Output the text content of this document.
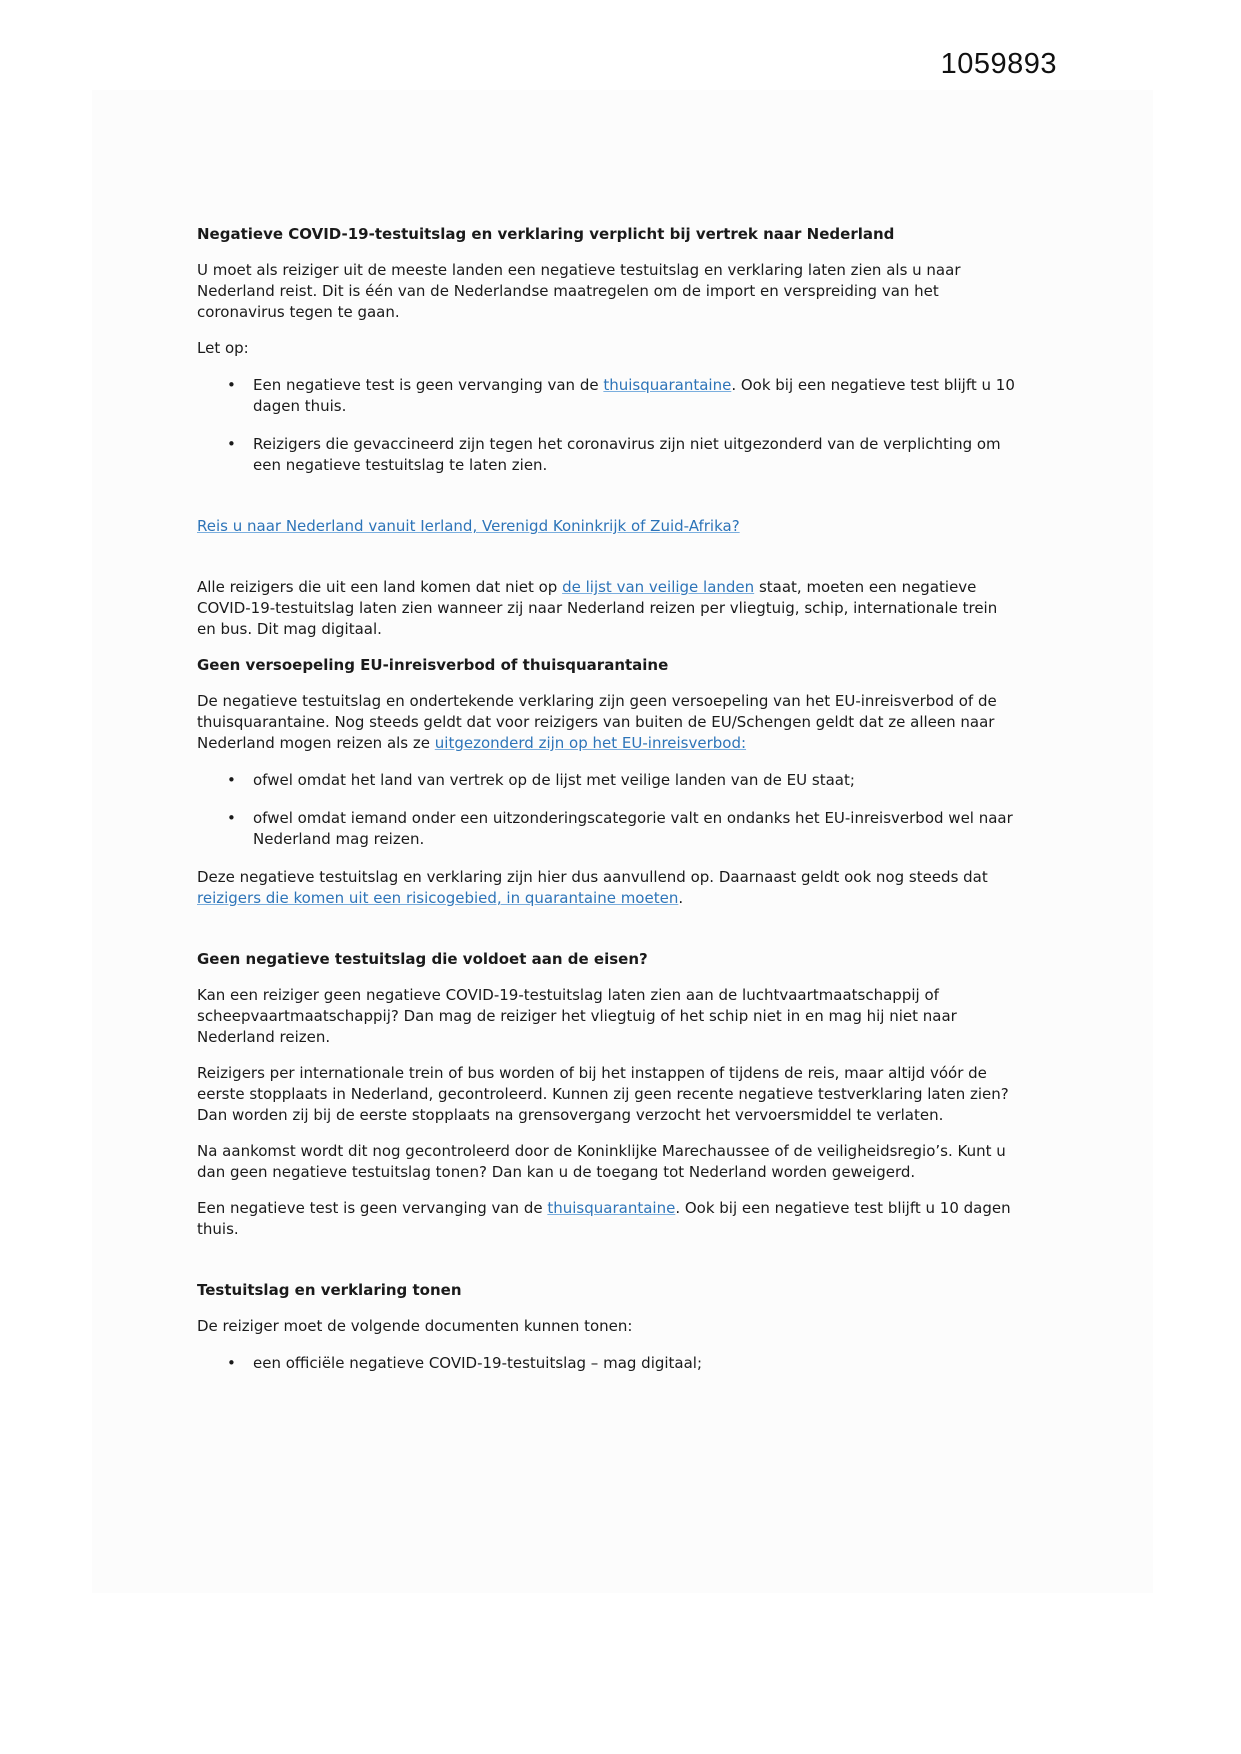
1059893
Negatieve COVID-19-testuitslag en verklaring verplicht bij vertrek naar Nederland

U moet als reiziger uit de meeste landen een negatieve testuitslag en verklaring laten zien als u naar Nederland reist. Dit is één van de Nederlandse maatregelen om de import en verspreiding van het coronavirus tegen te gaan.

Let op:

• Een negatieve test is geen vervanging van de thuisquarantaine. Ook bij een negatieve test blijft u 10 dagen thuis.
• Reizigers die gevaccineerd zijn tegen het coronavirus zijn niet uitgezonderd van de verplichting om een negatieve testuitslag te laten zien.

Reis u naar Nederland vanuit Ierland, Verenigd Koninkrijk of Zuid-Afrika?

Alle reizigers die uit een land komen dat niet op de lijst van veilige landen staat, moeten een negatieve COVID-19-testuitslag laten zien wanneer zij naar Nederland reizen per vliegtuig, schip, internationale trein en bus. Dit mag digitaal.

Geen versoepeling EU-inreisverbod of thuisquarantaine

De negatieve testuitslag en ondertekende verklaring zijn geen versoepeling van het EU-inreisverbod of de thuisquarantaine. Nog steeds geldt dat voor reizigers van buiten de EU/Schengen geldt dat ze alleen naar Nederland mogen reizen als ze uitgezonderd zijn op het EU-inreisverbod:

• ofwel omdat het land van vertrek op de lijst met veilige landen van de EU staat;
• ofwel omdat iemand onder een uitzonderingscategorie valt en ondanks het EU-inreisverbod wel naar Nederland mag reizen.

Deze negatieve testuitslag en verklaring zijn hier dus aanvullend op. Daarnaast geldt ook nog steeds dat reizigers die komen uit een risicogebied, in quarantaine moeten.

Geen negatieve testuitslag die voldoet aan de eisen?

Kan een reiziger geen negatieve COVID-19-testuitslag laten zien aan de luchtvaartmaatschappij of scheepvaartmaatschappij? Dan mag de reiziger het vliegtuig of het schip niet in en mag hij niet naar Nederland reizen.

Reizigers per internationale trein of bus worden of bij het instappen of tijdens de reis, maar altijd vóór de eerste stopplaats in Nederland, gecontroleerd. Kunnen zij geen recente negatieve testverklaring laten zien? Dan worden zij bij de eerste stopplaats na grensovergang verzocht het vervoersmiddel te verlaten.

Na aankomst wordt dit nog gecontroleerd door de Koninklijke Marechaussee of de veiligheidsregio’s. Kunt u dan geen negatieve testuitslag tonen? Dan kan u de toegang tot Nederland worden geweigerd.

Een negatieve test is geen vervanging van de thuisquarantaine. Ook bij een negatieve test blijft u 10 dagen thuis.

Testuitslag en verklaring tonen

De reiziger moet de volgende documenten kunnen tonen:

• een officiële negatieve COVID-19-testuitslag – mag digitaal;
